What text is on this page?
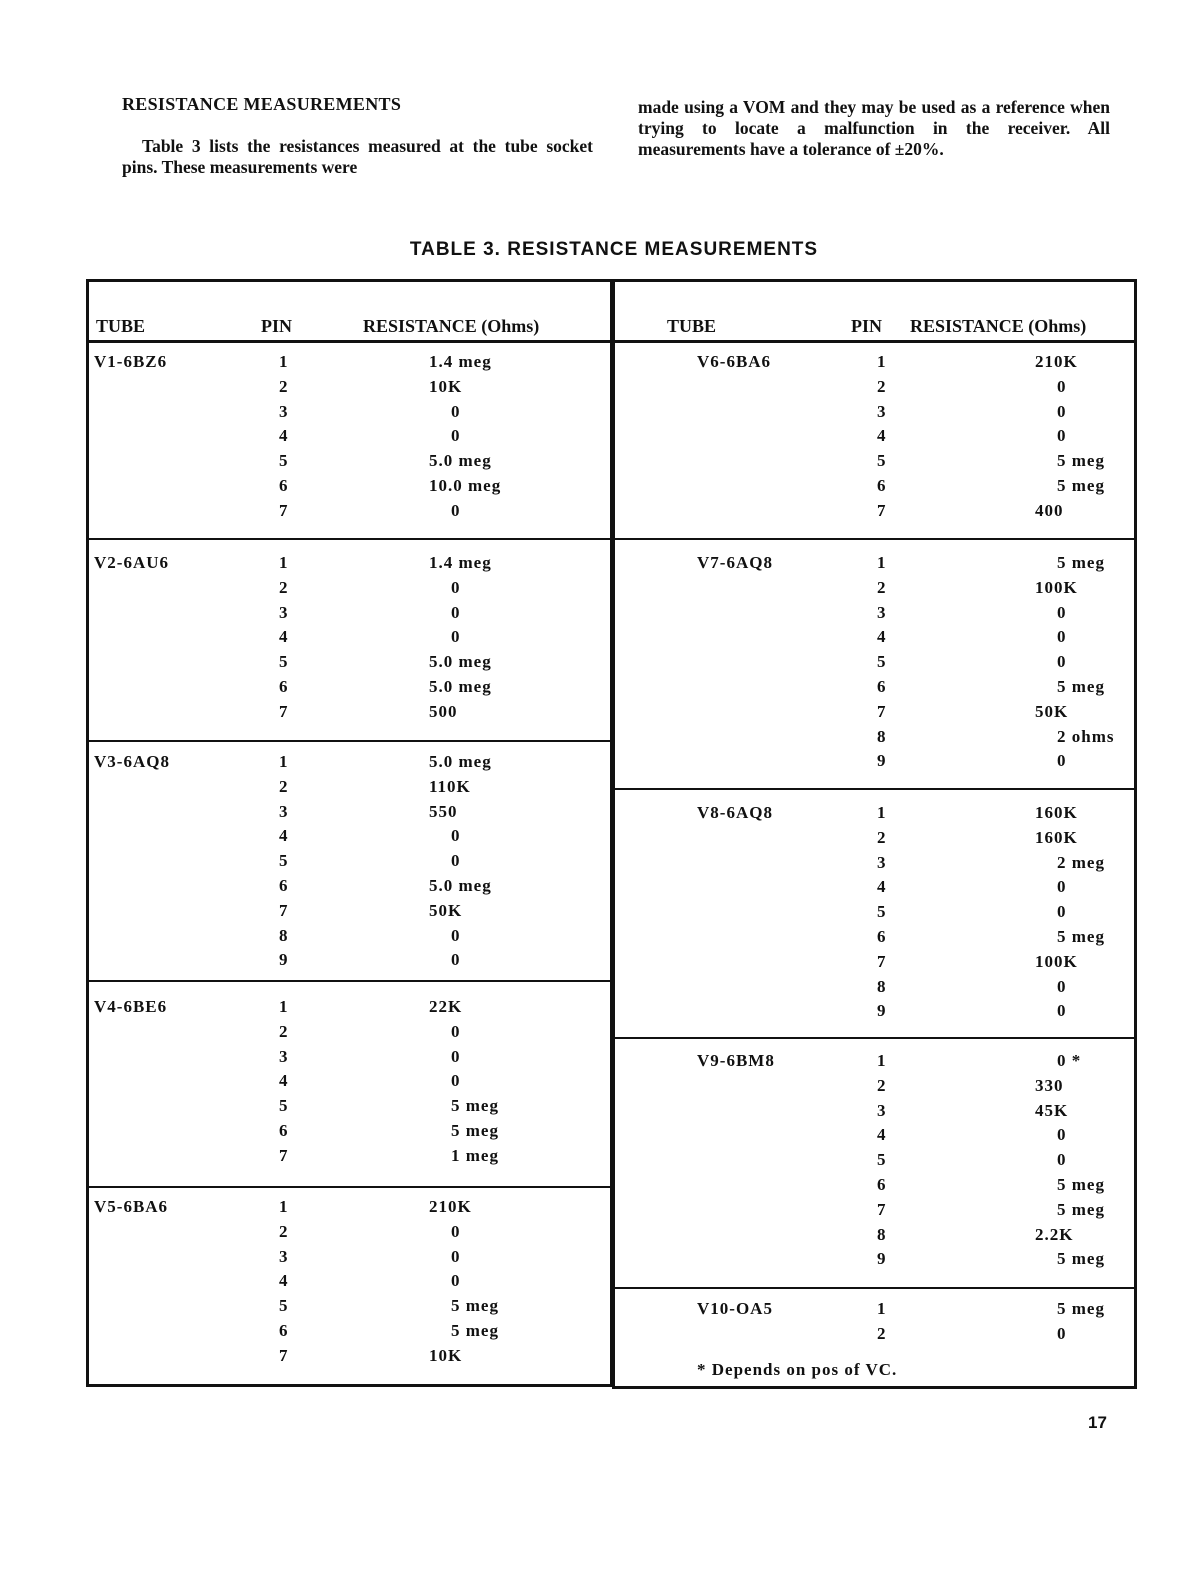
RESISTANCE MEASUREMENTS
Table 3 lists the resistances measured at the tube socket pins. These measurements were
made using a VOM and they may be used as a reference when trying to locate a malfunction in the receiver. All measurements have a tolerance of ±20%.
TABLE 3. RESISTANCE MEASUREMENTS
TUBE	PIN	RESISTANCE (Ohms)
V1-6BZ6	1	1.4 meg
2	10K
3	0
4	0
5	5.0 meg
6	10.0 meg
7	0
V2-6AU6	1	1.4 meg
2	0
3	0
4	0
5	5.0 meg
6	5.0 meg
7	500
V3-6AQ8	1	5.0 meg
2	110K
3	550
4	0
5	0
6	5.0 meg
7	50K
8	0
9	0
V4-6BE6	1	22K
2	0
3	0
4	0
5	5 meg
6	5 meg
7	1 meg
V5-6BA6	1	210K
2	0
3	0
4	0
5	5 meg
6	5 meg
7	10K
TUBE	PIN RESISTANCE (Ohms)
* Depends on pos of VC.
V6-6BA6	1	210K
2	0
3	0
4	0
5	5 meg
6	5 meg
7	400
V7-6AQ8	1	5 meg
2	100K
3	0
4	0
5	0
6	5 meg
7	50K
8	2 ohms
9	0
V8-6AQ8	1	160K
2	160K
3	2 meg
4	0
5	0
6	5 meg
7	100K
8	0
9	0
V9-6BM8	1	0 *
2	330
3	45K
4	0
5	0
6	5 meg
7	5 meg
8	2.2K
9	5 meg
V10-OA5	1	5 meg
2	0
17
